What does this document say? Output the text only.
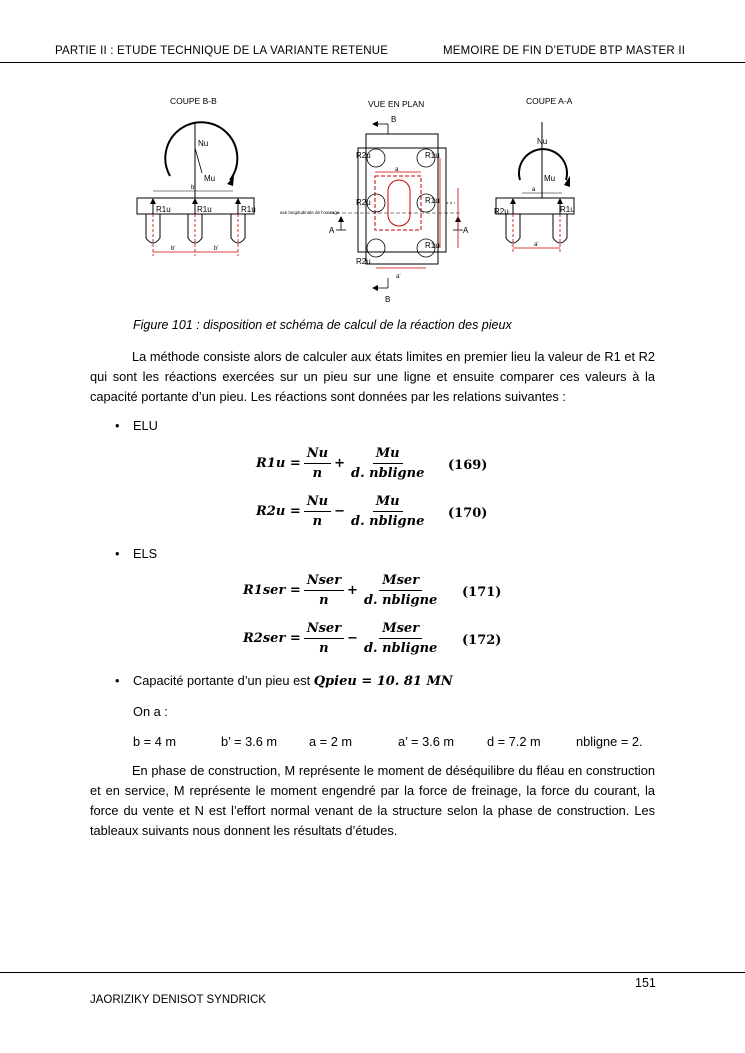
PARTIE II : ETUDE TECHNIQUE DE LA VARIANTE RETENUE	MEMOIRE DE FIN D’ETUDE BTP MASTER II
COUPE B-B
Nu
Mu
b
R1u	R1u	R1u
b'	b'
VUE EN PLAN
B
a
R2u	R1u
R2u	R1u
R1u
R2u
axe longitudinale de l'ouvrage
A	A
a'
B
COUPE A-A
Nu
Mu
a
R2u	R1u
a'
Figure 101 : disposition et schéma de calcul de la réaction des pieux
La méthode consiste alors de calculer aux états limites en premier lieu la valeur de R1 et R2 qui sont les réactions exercées sur un pieu sur une ligne et ensuite comparer ces valeurs à la capacité portante d’un pieu. Les réactions sont données par les relations suivantes :
• ELU
$R1u = \frac{Nu}{n} + \frac{Mu}{\text{d. nbligne}} (169)$
$R2u = \frac{Nu}{n} - \frac{Mu}{\text{d. nbligne}} (170)$
• ELS
$R1ser = \frac{\text{Nser}}{n} + \frac{\text{Mser}}{\text{d. nbligne}} (171)$
$R2ser = \frac{\text{Nser}}{n} - \frac{\text{Mser}}{\text{d. nbligne}} (172)$
• Capacité portante d’un pieu est Qpieu = 10. 81 MN
On a :
b = 4 m	b’ = 3.6 m a = 2 m	a’ = 3.6 m	d = 7.2 m	nbligne = 2.
En phase de construction, M représente le moment de déséquilibre du fléau en construction et en service, M représente le moment engendré par la force de freinage, la force du courant, la force du vente et N est l’effort normal venant de la structure selon la phase de construction. Les tableaux suivants nous donnent les résultats d’études.
151
JAORIZIKY DENISOT SYNDRICK
